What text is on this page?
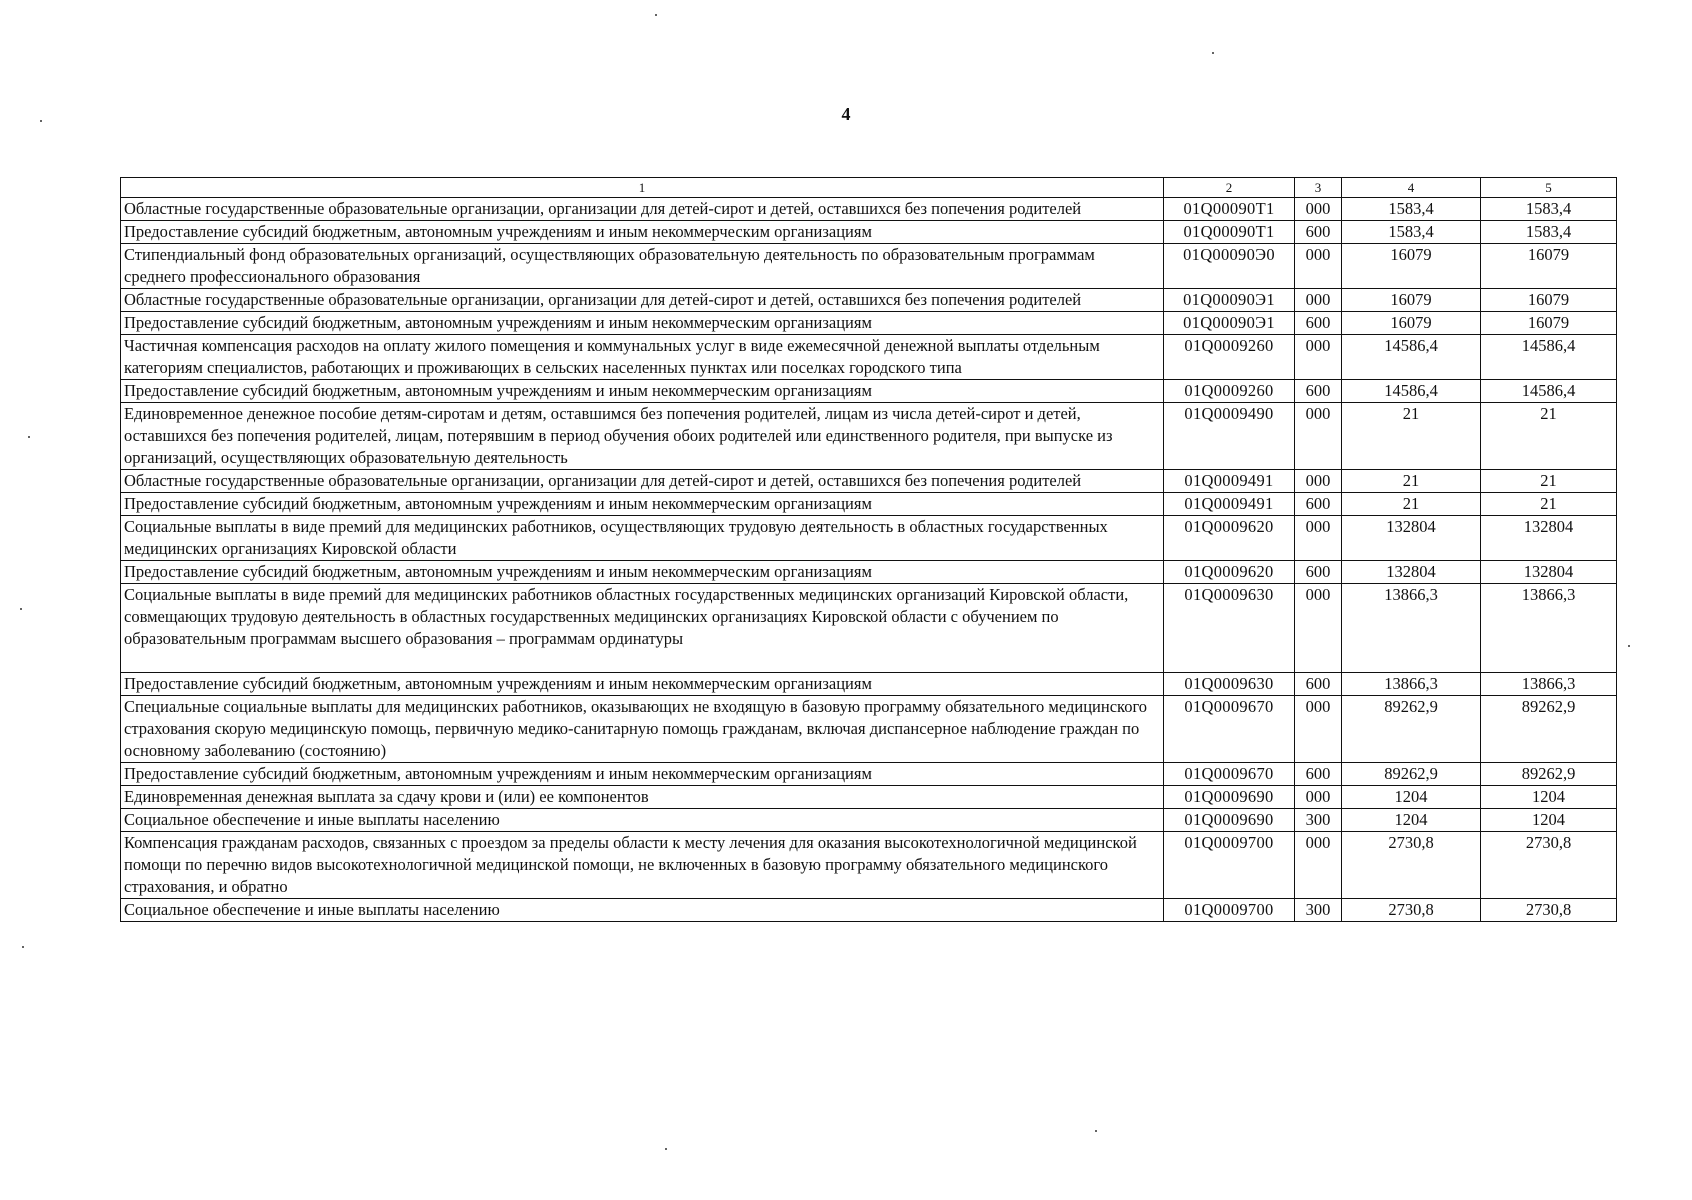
4
1	2	3	4	5
Областные государственные образовательные организации, организации для детей-сирот и детей, оставшихся без попечения родителей	01Q00090T1	000	1583,4	1583,4
Предоставление субсидий бюджетным, автономным учреждениям и иным некоммерческим организациям	01Q00090T1	600	1583,4	1583,4
Стипендиальный фонд образовательных организаций, осуществляющих образовательную деятельность по образовательным программам среднего профессионального образования	01Q00090Э0	000	16079	16079
Областные государственные образовательные организации, организации для детей-сирот и детей, оставшихся без попечения родителей	01Q00090Э1	000	16079	16079
Предоставление субсидий бюджетным, автономным учреждениям и иным некоммерческим организациям	01Q00090Э1	600	16079	16079
Частичная компенсация расходов на оплату жилого помещения и коммунальных услуг в виде ежемесячной денежной выплаты отдельным категориям специалистов, работающих и проживающих в сельских населенных пунктах или поселках городского типа	01Q0009260	000	14586,4	14586,4
Предоставление субсидий бюджетным, автономным учреждениям и иным некоммерческим организациям	01Q0009260	600	14586,4	14586,4
Единовременное денежное пособие детям-сиротам и детям, оставшимся без попечения родителей, лицам из числа детей-сирот и детей, оставшихся без попечения родителей, лицам, потерявшим в период обучения обоих родителей или единственного родителя, при выпуске из организаций, осуществляющих образовательную деятельность	01Q0009490	000	21	21
Областные государственные образовательные организации, организации для детей-сирот и детей, оставшихся без попечения родителей	01Q0009491	000	21	21
Предоставление субсидий бюджетным, автономным учреждениям и иным некоммерческим организациям	01Q0009491	600	21	21
Социальные выплаты в виде премий для медицинских работников, осуществляющих трудовую деятельность в областных государственных медицинских организациях Кировской области	01Q0009620	000	132804	132804
Предоставление субсидий бюджетным, автономным учреждениям и иным некоммерческим организациям	01Q0009620	600	132804	132804
Социальные выплаты в виде премий для медицинских работников областных государственных медицинских организаций Кировской области, совмещающих трудовую деятельность в областных государственных медицинских организациях Кировской области с обучением по образовательным программам высшего образования – программам ординатуры	01Q0009630	000	13866,3	13866,3
Предоставление субсидий бюджетным, автономным учреждениям и иным некоммерческим организациям	01Q0009630	600	13866,3	13866,3
Специальные социальные выплаты для медицинских работников, оказывающих не входящую в базовую программу обязательного медицинского страхования скорую медицинскую помощь, первичную медико-санитарную помощь гражданам, включая диспансерное наблюдение граждан по основному заболеванию (состоянию)	01Q0009670	000	89262,9	89262,9
Предоставление субсидий бюджетным, автономным учреждениям и иным некоммерческим организациям	01Q0009670	600	89262,9	89262,9
Единовременная денежная выплата за сдачу крови и (или) ее компонентов	01Q0009690	000	1204	1204
Социальное обеспечение и иные выплаты населению	01Q0009690	300	1204	1204
Компенсация гражданам расходов, связанных с проездом за пределы области к месту лечения для оказания высокотехнологичной медицинской помощи по перечню видов высокотехнологичной медицинской помощи, не включенных в базовую программу обязательного медицинского страхования, и обратно	01Q0009700	000	2730,8	2730,8
Социальное обеспечение и иные выплаты населению	01Q0009700	300	2730,8	2730,8
